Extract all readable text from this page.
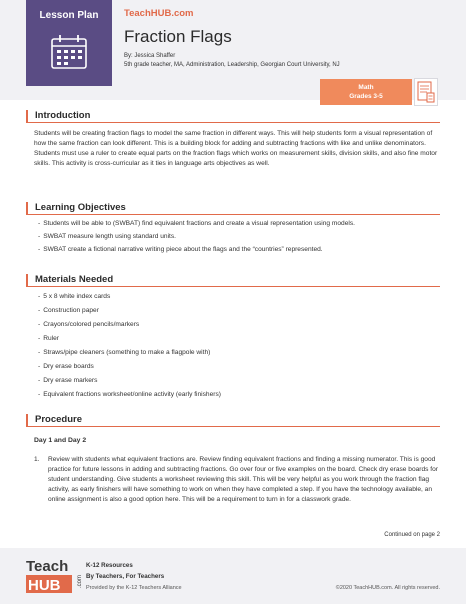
Lesson Plan	TeachHUB.com
Fraction Flags
By: Jessica Shaffer
5th grade teacher, MA, Administration, Leadership, Georgian Court University, NJ
Math
Grades 3-5
Introduction
Students will be creating fraction flags to model the same fraction in different ways. This will help students form a visual representation of how the same fraction can look different. This is a building block for adding and subtracting fractions with like and unlike denominators. Students must use a ruler to create equal parts on the fraction flags which works on measurement skills, division skills, and also fine motor skills. This activity is cross-curricular as it ties in language arts objectives as well.
Learning Objectives
- Students will be able to (SWBAT) find equivalent fractions and create a visual representation using models.
- SWBAT measure length using standard units.
- SWBAT create a fictional narrative writing piece about the flags and the “countries” represented.
Materials Needed
- 5 x 8 white index cards
- Construction paper
- Crayons/colored pencils/markers
- Ruler
- Straws/pipe cleaners (something to make a flagpole with)
- Dry erase boards
- Dry erase markers
- Equivalent fractions worksheet/online activity (early finishers)
Procedure
Day 1 and Day 2
1. Review with students what equivalent fractions are. Review finding equivalent fractions and finding a missing numerator. This is good practice for future lessons in adding and subtracting fractions. Go over four or five examples on the board. Check dry erase boards for student understanding. Give students a worksheet reviewing this skill. This will be very helpful as you work through the fraction flag activity, as early finishers will have something to work on when they have completed a step. If you have the technology available, an online assignment is also a good option here. This will be a requirement to turn in for a classwork grade.
Continued on page 2
Teach
HUB	.com
K-12 Resources
By Teachers, For Teachers
Provided by the K-12 Teachers Alliance	©2020 TeachHUB.com. All rights reserved.
